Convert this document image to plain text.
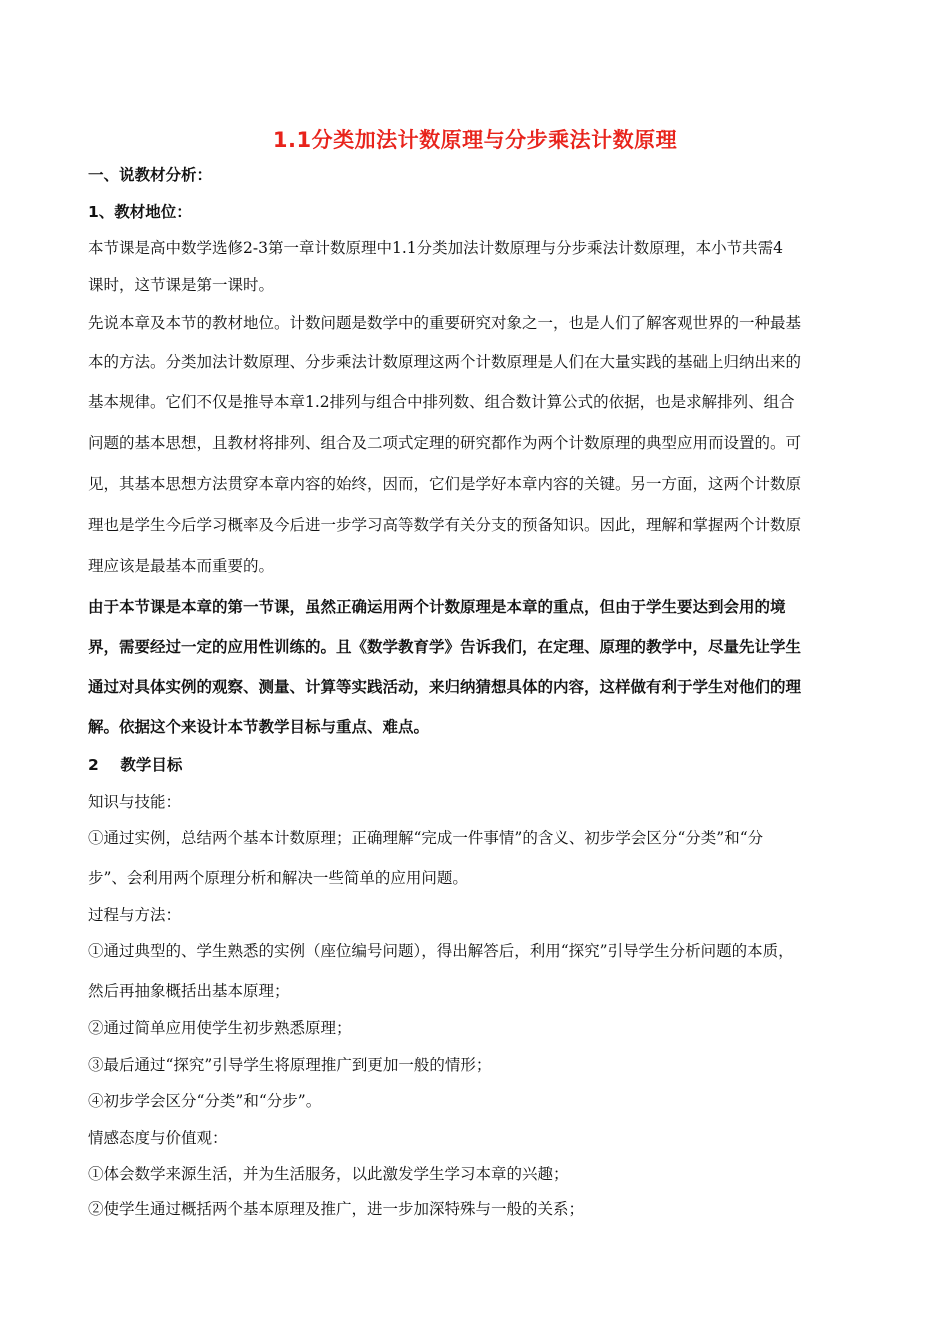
1.1分类加法计数原理与分步乘法计数原理
一、说教材分析：
1、教材地位：
本节课是高中数学选修2-3第一章计数原理中1.1分类加法计数原理与分步乘法计数原理，本小节共需4
课时，这节课是第一课时。
先说本章及本节的教材地位。计数问题是数学中的重要研究对象之一，也是人们了解客观世界的一种最基
本的方法。分类加法计数原理、分步乘法计数原理这两个计数原理是人们在大量实践的基础上归纳出来的
基本规律。它们不仅是推导本章1.2排列与组合中排列数、组合数计算公式的依据，也是求解排列、组合
问题的基本思想，且教材将排列、组合及二项式定理的研究都作为两个计数原理的典型应用而设置的。可
见，其基本思想方法贯穿本章内容的始终，因而，它们是学好本章内容的关键。另一方面，这两个计数原
理也是学生今后学习概率及今后进一步学习高等数学有关分支的预备知识。因此，理解和掌握两个计数原
理应该是最基本而重要的。
由于本节课是本章的第一节课，虽然正确运用两个计数原理是本章的重点，但由于学生要达到会用的境
界，需要经过一定的应用性训练的。且《数学教育学》告诉我们，在定理、原理的教学中，尽量先让学生
通过对具体实例的观察、测量、计算等实践活动，来归纳猜想具体的内容，这样做有利于学生对他们的理
解。依据这个来设计本节教学目标与重点、难点。
2    教学目标
知识与技能：
①通过实例，总结两个基本计数原理；正确理解“完成一件事情”的含义、初步学会区分“分类”和“分
步”、会利用两个原理分析和解决一些简单的应用问题。
过程与方法：
①通过典型的、学生熟悉的实例（座位编号问题），得出解答后，利用“探究”引导学生分析问题的本质，
然后再抽象概括出基本原理；
②通过简单应用使学生初步熟悉原理；
③最后通过“探究”引导学生将原理推广到更加一般的情形；
④初步学会区分“分类”和“分步”。
情感态度与价值观：
①体会数学来源生活，并为生活服务，以此激发学生学习本章的兴趣；
②使学生通过概括两个基本原理及推广，进一步加深特殊与一般的关系；
